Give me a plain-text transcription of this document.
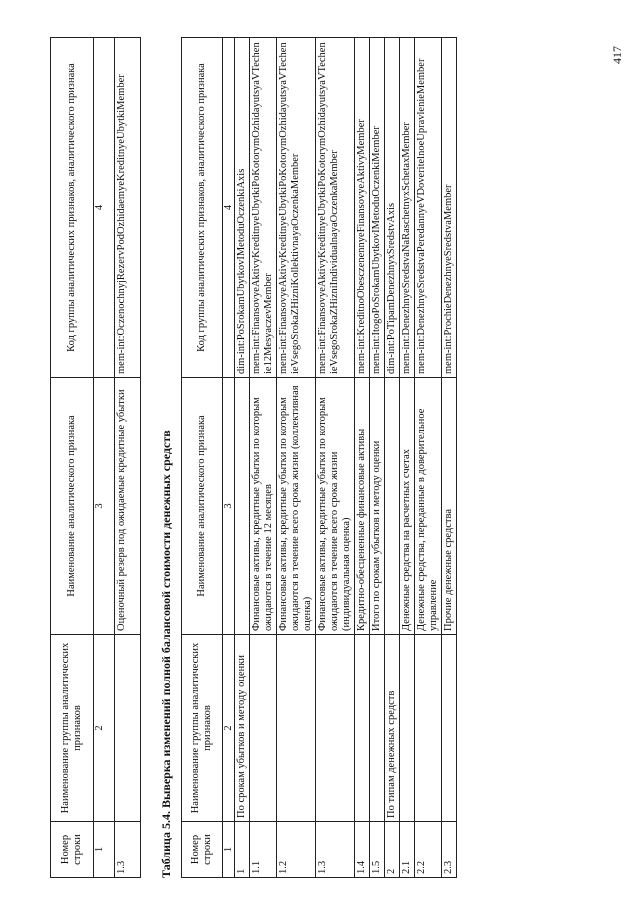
417
Номер строки	Наименование группы аналитических признаков	Наименование аналитического признака	Код группы аналитических признаков, аналитического признака
1	2	3	4
1.3		Оценочный резерв под ожидаемые кредитные убытки	mem-int:OczenochnyjRezervPodOzhidaemyeKreditnyeUbytkiMember
Таблица 5.4. Выверка изменений полной балансовой стоимости денежных средств	Номер строки	Наименование группы аналитических признаков	Наименование аналитического признака	Код группы аналитических признаков, аналитического признака
1	2	3	4
1	По срокам убытков и методу оценки		dim-int:PoSrokamUbytkovIMetoduOczenkiAxis
1.1		Финансовые активы, кредитные убытки по которым ожидаются в течение 12 месяцев	mem-int:FinansovyeAktivyKreditnyeUbytkiPoKotorymOzhidayutsyaVTechenie12MesyaczevMember
1.2		Финансовые активы, кредитные убытки по которым ожидаются в течение всего срока жизни (коллективная оценка)	mem-int:FinansovyeAktivyKreditnyeUbytkiPoKotorymOzhidayutsyaVTechenieVsegoSrokaZHizniKollektivnayaOczenkaMember
1.3		Финансовые активы, кредитные убытки по которым ожидаются в течение всего срока жизни (индивидуальная оценка)	mem-int:FinansovyeAktivyKreditnyeUbytkiPoKotorymOzhidayutsyaVTechenieVsegoSrokaZHizniIndividualnayaOczenkaMember
1.4		Кредитно-обесцененные финансовые активы	mem-int:KreditnoObesczenennyeFinansovyeAktivyMember
1.5		Итого по срокам убытков и методу оценки	mem-int:ItogoPoSrokamUbytkovIMetoduOczenkiMember
2	По типам денежных средств		dim-int:PoTipamDenezhnyxSredstvAxis
2.1		Денежные средства на расчетных счетах	mem-int:DenezhnyeSredstvaNaRaschetnyxSchetaxMember
2.2		Денежные средства, переданные в доверительное управление	mem-int:DenezhnyeSredstvaPeredannyeVDoveritelnoeUpravlenieMember
2.3		Прочие денежные средства	mem-int:ProchieDenezhnyeSredstvaMember
